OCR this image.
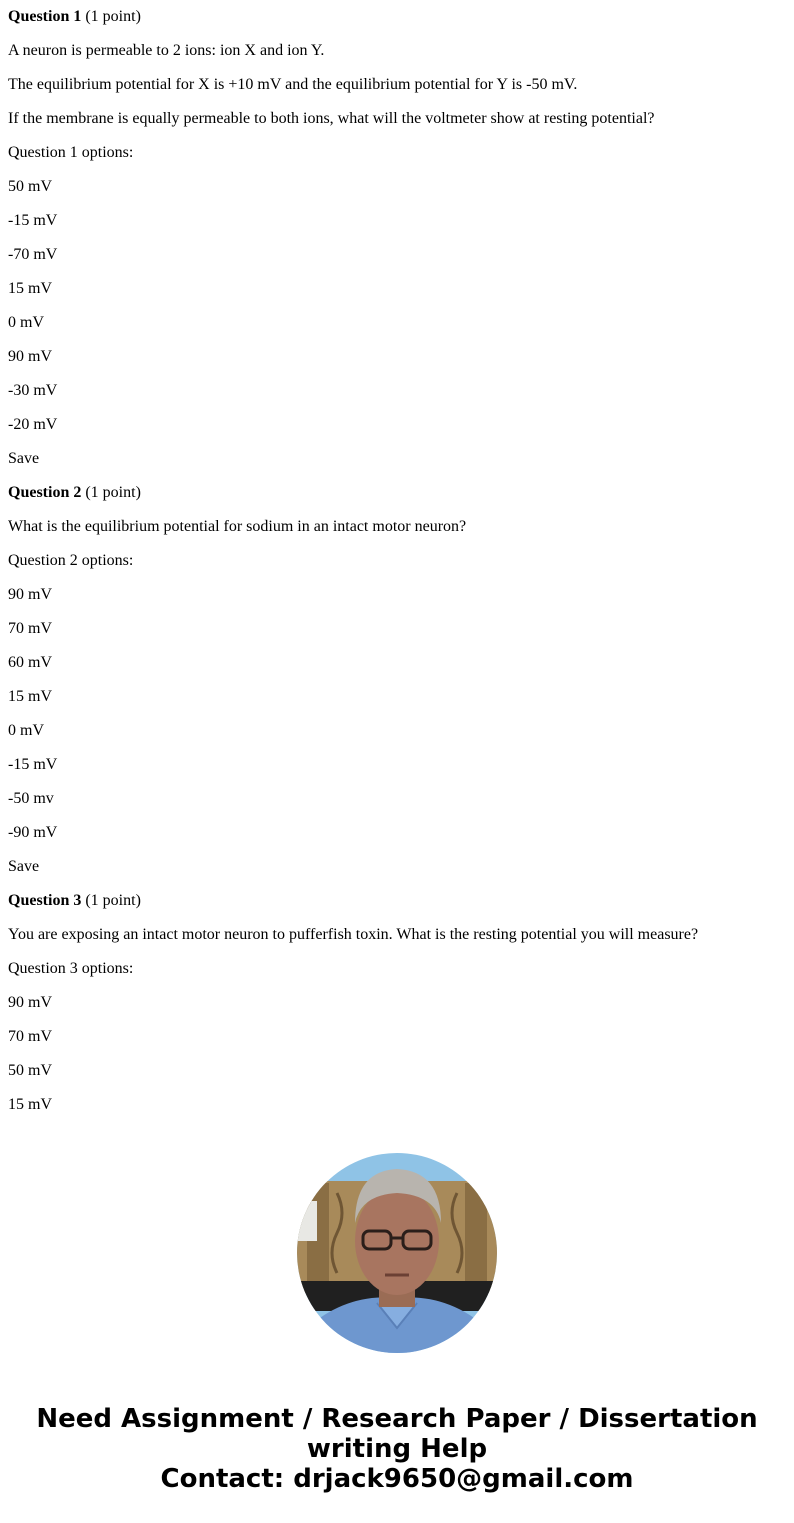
Question 1 (1 point)

A neuron is permeable to 2 ions: ion X and ion Y.

The equilibrium potential for X is +10 mV and the equilibrium potential for Y is -50 mV.

If the membrane is equally permeable to both ions, what will the voltmeter show at resting potential?

Question 1 options:

50 mV

-15 mV

-70 mV

15 mV

0 mV

90 mV

-30 mV

-20 mV

Save

Question 2 (1 point)

What is the equilibrium potential for sodium in an intact motor neuron?

Question 2 options:

90 mV

70 mV

60 mV

15 mV

0 mV

-15 mV

-50 mv

-90 mV

Save

Question 3 (1 point)

You are exposing an intact motor neuron to pufferfish toxin. What is the resting potential you will measure?

Question 3 options:

90 mV

70 mV

50 mV

15 mV

Need Assignment / Research Paper / Dissertation
writing Help
Contact: drjack9650@gmail.com
